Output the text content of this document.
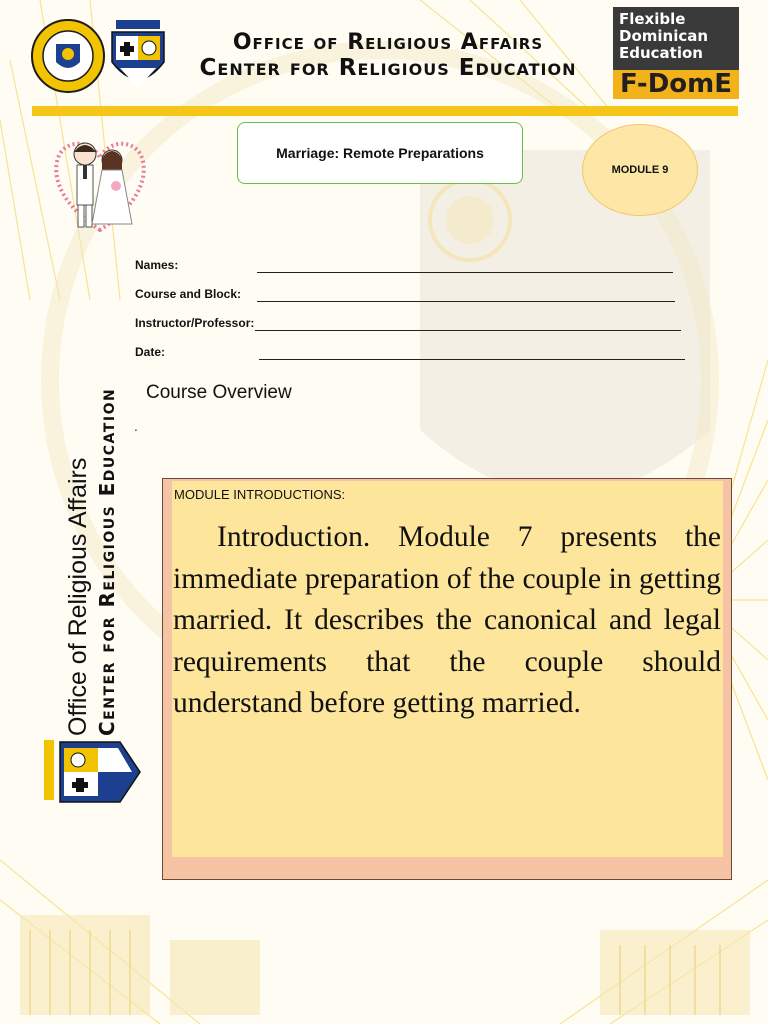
Office of Religious Affairs
Center for Religious Education
Flexible
Dominican
Education
F-DomE
Marriage: Remote Preparations
MODULE 9
Names:
Course and Block:
Instructor/Professor:
Date:
Course Overview
.
Office of Religious Affairs Center for Religious Education	MODULE INTRODUCTIONS:
Introduction. Module 7 presents the immediate preparation of the couple in getting married. It describes the canonical and legal requirements that the couple should understand before getting married.
